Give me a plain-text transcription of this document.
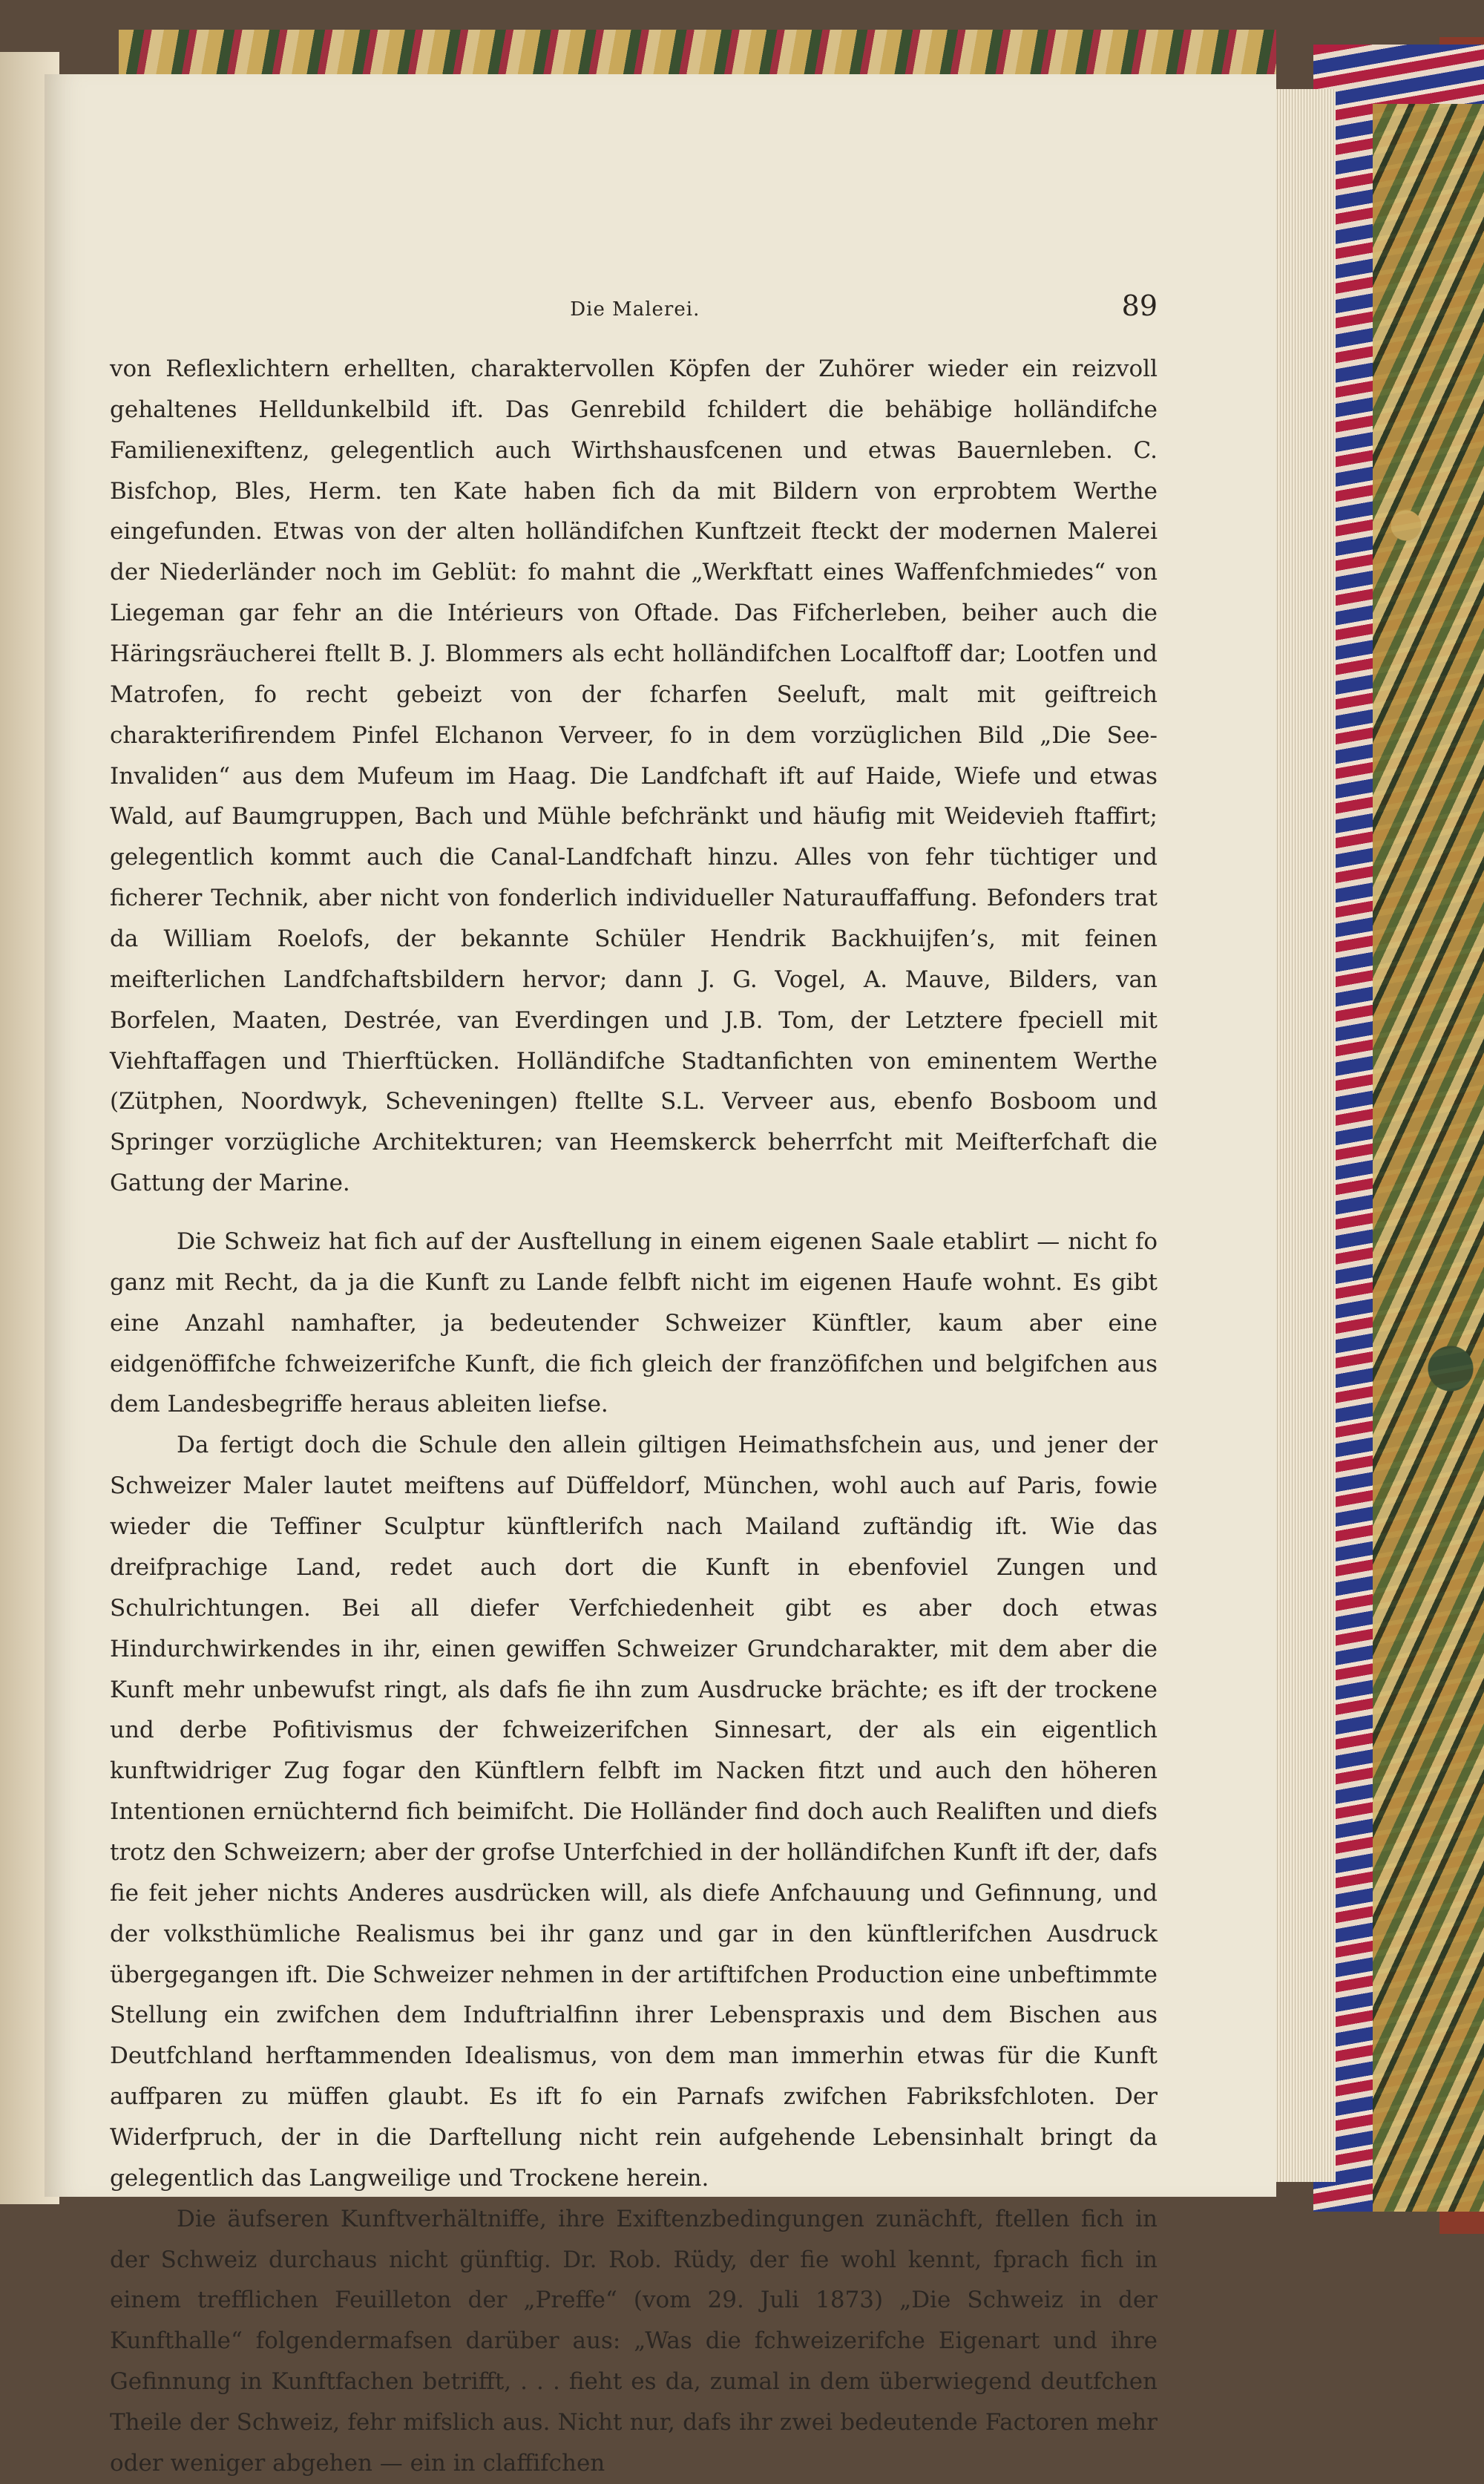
Die Malerei.	89

von Reflexlichtern erhellten, charaktervollen Köpfen der Zuhörer wieder ein reizvoll gehaltenes Helldunkelbild ift. Das Genrebild fchildert die behäbige holländifche Familienexiftenz, gelegentlich auch Wirthshausfcenen und etwas Bauernleben. C. Bisfchop, Bles, Herm. ten Kate haben fich da mit Bildern von erprobtem Werthe eingefunden. Etwas von der alten holländifchen Kunftzeit fteckt der modernen Malerei der Niederländer noch im Geblüt: fo mahnt die „Werkftatt eines Waffenfchmiedes“ von Liegeman gar fehr an die Intérieurs von Oftade. Das Fifcherleben, beiher auch die Häringsräucherei ftellt B. J. Blommers als echt holländifchen Localftoff dar; Lootfen und Matrofen, fo recht gebeizt von der fcharfen Seeluft, malt mit geiftreich charakterifirendem Pinfel Elchanon Verveer, fo in dem vorzüglichen Bild „Die See-Invaliden“ aus dem Mufeum im Haag. Die Landfchaft ift auf Haide, Wiefe und etwas Wald, auf Baumgruppen, Bach und Mühle befchränkt und häufig mit Weidevieh ftaffirt; gelegentlich kommt auch die Canal-Landfchaft hinzu. Alles von fehr tüchtiger und ficherer Technik, aber nicht von fonderlich individueller Naturauffaffung. Befonders trat da William Roelofs, der bekannte Schüler Hendrik Backhuijfen’s, mit feinen meifterlichen Landfchaftsbildern hervor; dann J. G. Vogel, A. Mauve, Bilders, van Borfelen, Maaten, Destrée, van Everdingen und J.B. Tom, der Letztere fpeciell mit Viehftaffagen und Thierftücken. Holländifche Stadtanfichten von eminentem Werthe (Zütphen, Noordwyk, Scheveningen) ftellte S.L. Verveer aus, ebenfo Bosboom und Springer vorzügliche Architekturen; van Heemskerck beherrfcht mit Meifterfchaft die Gattung der Marine.

Die Schweiz hat fich auf der Ausftellung in einem eigenen Saale etablirt — nicht fo ganz mit Recht, da ja die Kunft zu Lande felbft nicht im eigenen Haufe wohnt. Es gibt eine Anzahl namhafter, ja bedeutender Schweizer Künftler, kaum aber eine eidgenöffifche fchweizerifche Kunft, die fich gleich der franzöfifchen und belgifchen aus dem Landesbegriffe heraus ableiten liefse.

Da fertigt doch die Schule den allein giltigen Heimathsfchein aus, und jener der Schweizer Maler lautet meiftens auf Düffeldorf, München, wohl auch auf Paris, fowie wieder die Teffiner Sculptur künftlerifch nach Mailand zuftändig ift. Wie das dreifprachige Land, redet auch dort die Kunft in ebenfoviel Zungen und Schulrichtungen. Bei all diefer Verfchiedenheit gibt es aber doch etwas Hindurchwirkendes in ihr, einen gewiffen Schweizer Grundcharakter, mit dem aber die Kunft mehr unbewufst ringt, als dafs fie ihn zum Ausdrucke brächte; es ift der trockene und derbe Pofitivismus der fchweizerifchen Sinnesart, der als ein eigentlich kunftwidriger Zug fogar den Künftlern felbft im Nacken fitzt und auch den höheren Intentionen ernüchternd fich beimifcht. Die Holländer find doch auch Realiften und diefs trotz den Schweizern; aber der grofse Unterfchied in der holländifchen Kunft ift der, dafs fie feit jeher nichts Anderes ausdrücken will, als diefe Anfchauung und Gefinnung, und der volksthümliche Realismus bei ihr ganz und gar in den künftlerifchen Ausdruck übergegangen ift. Die Schweizer nehmen in der artiftifchen Production eine unbeftimmte Stellung ein zwifchen dem Induftrialfinn ihrer Lebenspraxis und dem Bischen aus Deutfchland herftammenden Idealismus, von dem man immerhin etwas für die Kunft auffparen zu müffen glaubt. Es ift fo ein Parnafs zwifchen Fabriksfchloten. Der Widerfpruch, der in die Darftellung nicht rein aufgehende Lebensinhalt bringt da gelegentlich das Langweilige und Trockene herein.

Die äufseren Kunftverhältniffe, ihre Exiftenzbedingungen zunächft, ftellen fich in der Schweiz durchaus nicht günftig. Dr. Rob. Rüdy, der fie wohl kennt, fprach fich in einem trefflichen Feuilleton der „Preffe“ (vom 29. Juli 1873) „Die Schweiz in der Kunfthalle“ folgendermafsen darüber aus: „Was die fchweizerifche Eigenart und ihre Gefinnung in Kunftfachen betrifft, . . . fieht es da, zumal in dem überwiegend deutfchen Theile der Schweiz, fehr mifslich aus. Nicht nur, dafs ihr zwei bedeutende Factoren mehr oder weniger abgehen — ein in claffifchen
